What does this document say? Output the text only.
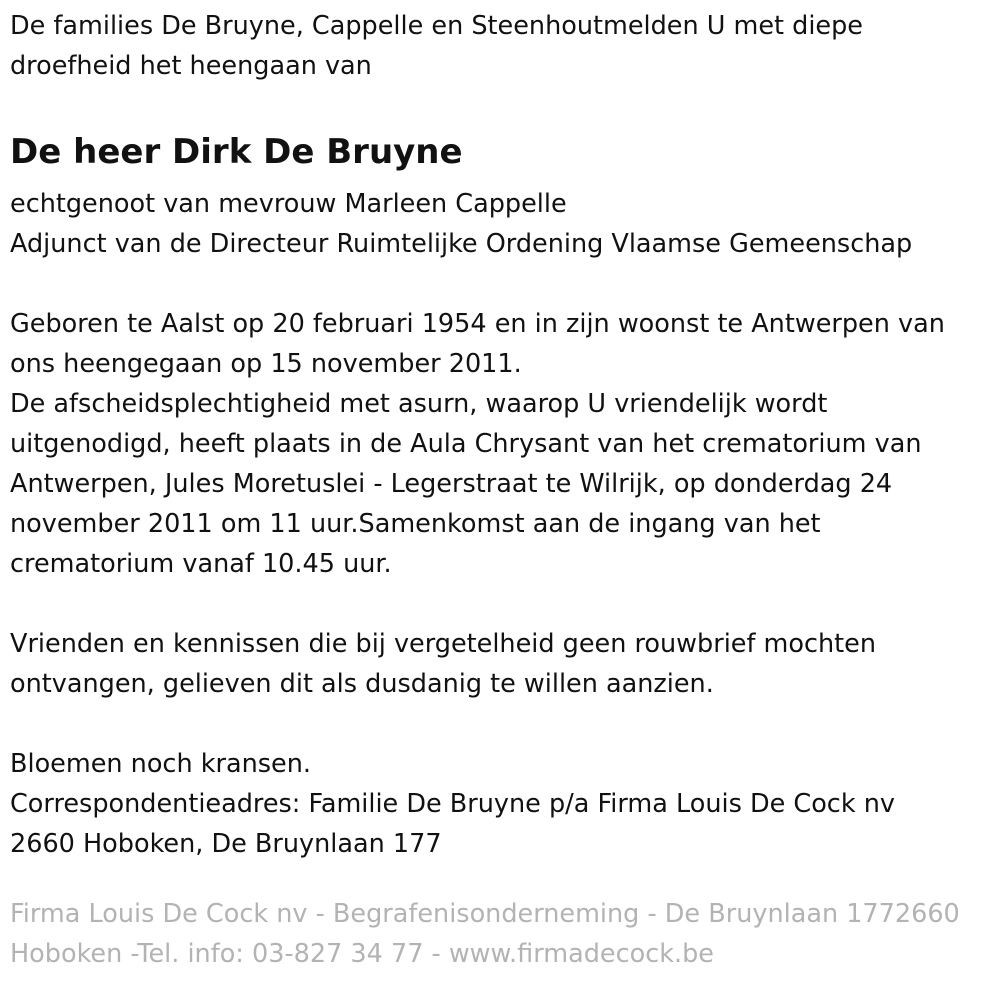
De families De Bruyne, Cappelle en Steenhoutmelden U met diepe
droefheid het heengaan van
De heer Dirk De Bruyne
echtgenoot van mevrouw Marleen Cappelle
Adjunct van de Directeur Ruimtelijke Ordening Vlaamse Gemeenschap
Geboren te Aalst op 20 februari 1954 en in zijn woonst te Antwerpen van
ons heengegaan op 15 november 2011.
De afscheidsplechtigheid met asurn, waarop U vriendelijk wordt
uitgenodigd, heeft plaats in de Aula Chrysant van het crematorium van
Antwerpen, Jules Moretuslei - Legerstraat te Wilrijk, op donderdag 24
november 2011 om 11 uur.Samenkomst aan de ingang van het
crematorium vanaf 10.45 uur.
Vrienden en kennissen die bij vergetelheid geen rouwbrief mochten
ontvangen, gelieven dit als dusdanig te willen aanzien.
Bloemen noch kransen.
Correspondentieadres: Familie De Bruyne p/a Firma Louis De Cock nv
2660 Hoboken, De Bruynlaan 177
Firma Louis De Cock nv - Begrafenisonderneming - De Bruynlaan 1772660
Hoboken -Tel. info: 03-827 34 77 - www.firmadecock.be
